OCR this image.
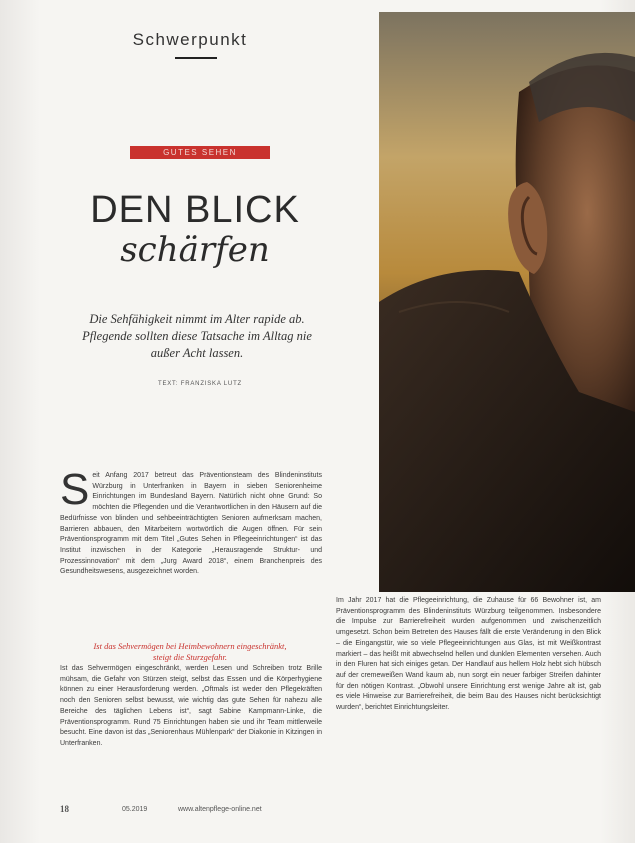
Schwerpunkt
GUTES SEHEN
DEN BLICK
schärfen
Die Sehfähigkeit nimmt im Alter rapide ab. Pflegende sollten diese Tatsache im Alltag nie außer Acht lassen.
TEXT: FRANZISKA LUTZ
S eit Anfang 2017 betreut das Präventionsteam des Blindeninstituts Würzburg in Unterfranken in Bayern in sieben Seniorenheime Einrichtungen im Bundesland Bayern. Natürlich nicht ohne Grund: So möchten die Pflegenden und die Verantwortlichen in den Häusern auf die Bedürfnisse von blinden und sehbeeinträchtigten Senioren aufmerksam machen, Barrieren abbauen, den Mitarbeitern wortwörtlich die Augen öffnen. Für sein Präventionsprogramm mit dem Titel „Gutes Sehen in Pflegeeinrichtungen“ ist das Institut inzwischen in der Kategorie „Herausragende Struktur- und Prozessinnovation“ mit dem „Jurg Award 2018“, einem Branchenpreis des Gesundheitswesens, ausgezeichnet worden.

Ist das Sehvermögen bei Heimbewohnern eingeschränkt, steigt die Sturzgefahr.

Ist das Sehvermögen eingeschränkt, werden Lesen und Schreiben trotz Brille mühsam, die Gefahr von Stürzen steigt, selbst das Essen und die Körperhygiene können zu einer Herausforderung werden. „Oftmals ist weder den Pflegekräften noch den Senioren selbst bewusst, wie wichtig das gute Sehen für nahezu alle Bereiche des täglichen Lebens ist“, sagt Sabine Kampmann-Linke, die Präventionsprogramm. Rund 75 Einrichtungen haben sie und ihr Team mittlerweile besucht. Eine davon ist das „Seniorenhaus Mühlenpark“ der Diakonie in Kitzingen in Unterfranken.

Im Jahr 2017 hat die Pflegeeinrichtung, die Zuhause für 66 Bewohner ist, am Präventionsprogramm des Blindeninstituts Würzburg teilgenommen. Insbesondere die Impulse zur Barrierefreiheit wurden aufgenommen und zwischenzeitlich umgesetzt. Schon beim Betreten des Hauses fällt die erste Veränderung in den Blick – die Eingangstür, wie so viele Pflegeeinrichtungen aus Glas, ist mit Weißkontrast markiert – das heißt mit abwechselnd hellen und dunklen Elementen versehen. Auch in den Fluren hat sich einiges getan. Der Handlauf aus hellem Holz hebt sich hübsch auf der cremeweißen Wand kaum ab, nun sorgt ein neuer farbiger Streifen dahinter für den nötigen Kontrast. „Obwohl unsere Einrichtung erst wenige Jahre alt ist, gab es viele Hinweise zur Barrierefreiheit, die beim Bau des Hauses nicht berücksichtigt wurden“, berichtet Einrichtungsleiter.

18	05.2019	www.altenpflege-online.net
